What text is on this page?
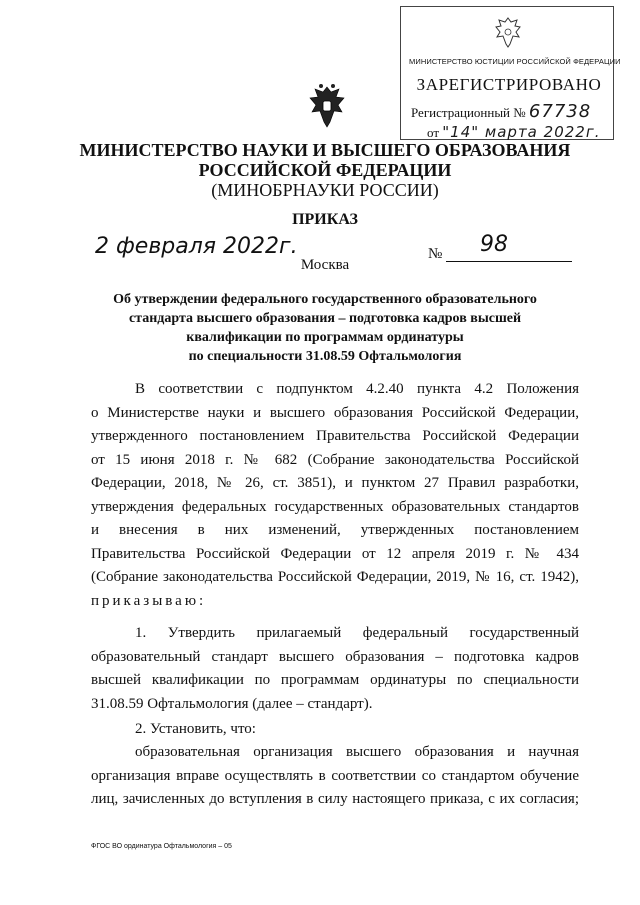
МИНИСТЕРСТВО ЮСТИЦИИ РОССИЙСКОЙ ФЕДЕРАЦИИ
ЗАРЕГИСТРИРОВАНО
Регистрационный № 67738
от "14" марта 2022г.
МИНИСТЕРСТВО НАУКИ И ВЫСШЕГО ОБРАЗОВАНИЯ
РОССИЙСКОЙ ФЕДЕРАЦИИ
(МИНОБРНАУКИ РОССИИ)
ПРИКАЗ
2 февраля 2022г.	№ 98
Москва
Об утверждении федерального государственного образовательного
стандарта высшего образования – подготовка кадров высшей
квалификации по программам ординатуры
по специальности 31.08.59 Офтальмология
В соответствии с подпунктом 4.2.40 пункта 4.2 Положения
о Министерстве науки и высшего образования Российской Федерации,
утвержденного постановлением Правительства Российской Федерации
от 15 июня 2018 г. № 682 (Собрание законодательства Российской
Федерации, 2018, № 26, ст. 3851), и пунктом 27 Правил разработки,
утверждения федеральных государственных образовательных стандартов
и внесения в них изменений, утвержденных постановлением
Правительства Российской Федерации от 12 апреля 2019 г. № 434
(Собрание законодательства Российской Федерации, 2019, № 16, ст. 1942),
приказываю:
1. Утвердить прилагаемый федеральный государственный
образовательный стандарт высшего образования – подготовка кадров
высшей квалификации по программам ординатуры по специальности
31.08.59 Офтальмология (далее – стандарт).
2. Установить, что:
образовательная организация высшего образования и научная
организация вправе осуществлять в соответствии со стандартом обучение
лиц, зачисленных до вступления в силу настоящего приказа, с их согласия;
ФГОС ВО ординатура Офтальмология – 05
